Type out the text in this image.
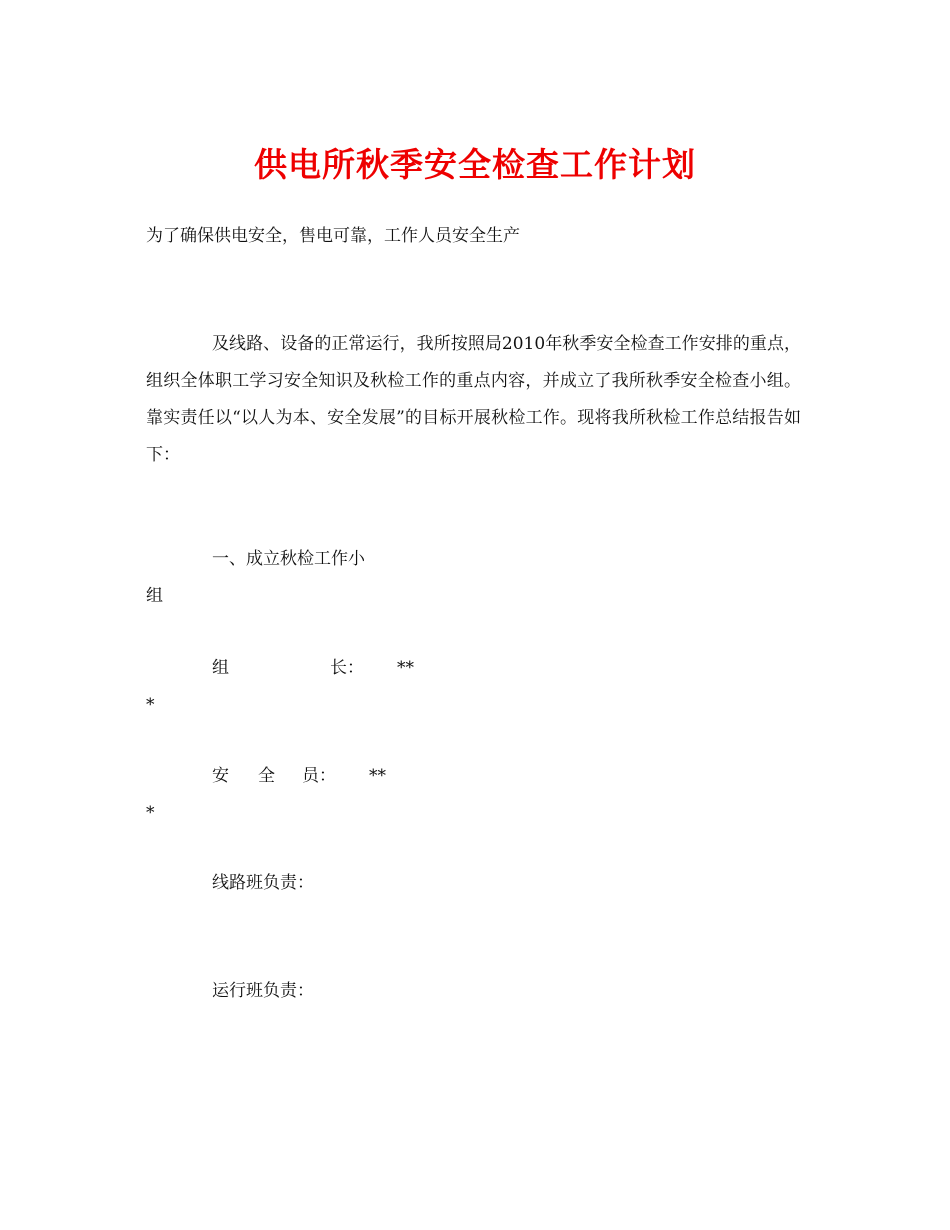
供电所秋季安全检查工作计划
为了确保供电安全，售电可靠，工作人员安全生产
及线路、设备的正常运行，我所按照局2010年秋季安全检查工作安排的重点，组织全体职工学习安全知识及秋检工作的重点内容，并成立了我所秋季安全检查小组。靠实责任以“以人为本、安全发展”的目标开展秋检工作。现将我所秋检工作总结报告如下：
一、成立秋检工作小
组
组	长： **
*
安 全 员： **
*
线路班负责：
运行班负责：
